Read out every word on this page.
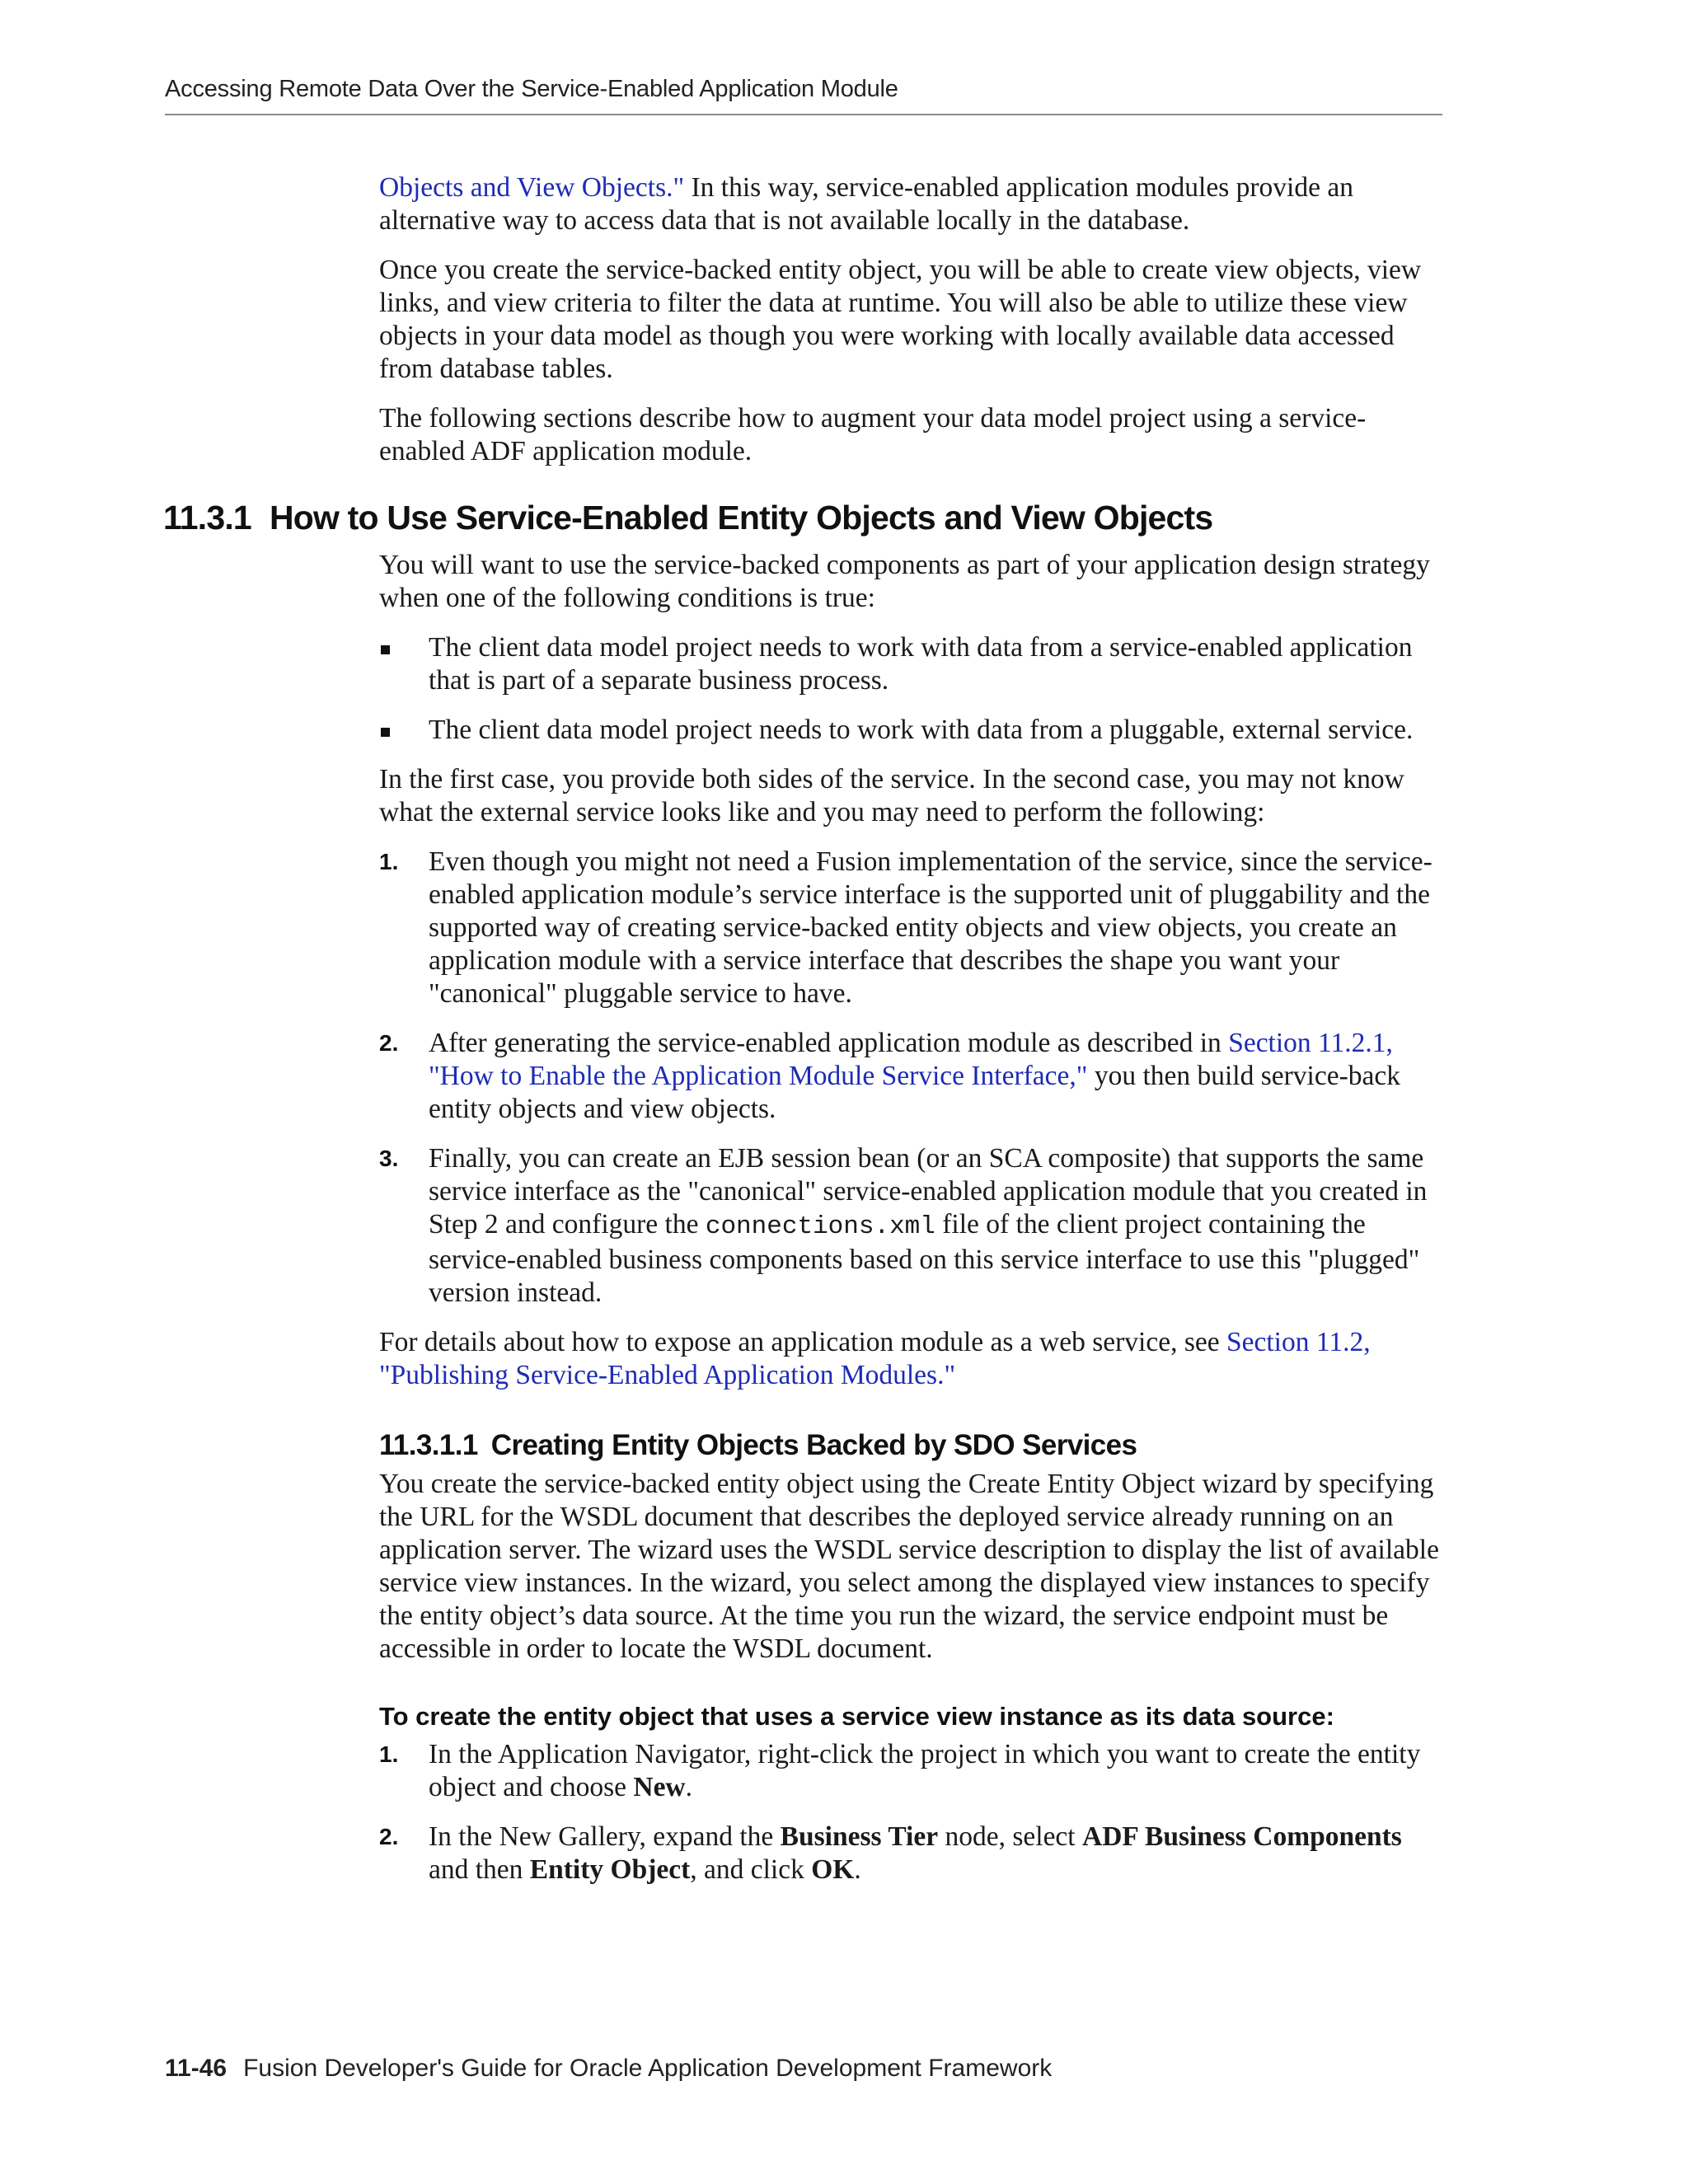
Accessing Remote Data Over the Service-Enabled Application Module

Objects and View Objects." In this way, service-enabled application modules provide an alternative way to access data that is not available locally in the database.

Once you create the service-backed entity object, you will be able to create view objects, view links, and view criteria to filter the data at runtime. You will also be able to utilize these view objects in your data model as though you were working with locally available data accessed from database tables.

The following sections describe how to augment your data model project using a service-enabled ADF application module.

11.3.1 How to Use Service-Enabled Entity Objects and View Objects

You will want to use the service-backed components as part of your application design strategy when one of the following conditions is true:

The client data model project needs to work with data from a service-enabled application that is part of a separate business process.
The client data model project needs to work with data from a pluggable, external service.

In the first case, you provide both sides of the service. In the second case, you may not know what the external service looks like and you may need to perform the following:

1. Even though you might not need a Fusion implementation of the service, since the service-enabled application module’s service interface is the supported unit of pluggability and the supported way of creating service-backed entity objects and view objects, you create an application module with a service interface that describes the shape you want your "canonical" pluggable service to have.
2. After generating the service-enabled application module as described in Section 11.2.1, "How to Enable the Application Module Service Interface," you then build service-back entity objects and view objects.
3. Finally, you can create an EJB session bean (or an SCA composite) that supports the same service interface as the "canonical" service-enabled application module that you created in Step 2 and configure the connections.xml file of the client project containing the service-enabled business components based on this service interface to use this "plugged" version instead.

For details about how to expose an application module as a web service, see Section 11.2, "Publishing Service-Enabled Application Modules."

11.3.1.1 Creating Entity Objects Backed by SDO Services

You create the service-backed entity object using the Create Entity Object wizard by specifying the URL for the WSDL document that describes the deployed service already running on an application server. The wizard uses the WSDL service description to display the list of available service view instances. In the wizard, you select among the displayed view instances to specify the entity object’s data source. At the time you run the wizard, the service endpoint must be accessible in order to locate the WSDL document.

To create the entity object that uses a service view instance as its data source:
1. In the Application Navigator, right-click the project in which you want to create the entity object and choose New.
2. In the New Gallery, expand the Business Tier node, select ADF Business Components and then Entity Object, and click OK.
11-46 Fusion Developer's Guide for Oracle Application Development Framework
